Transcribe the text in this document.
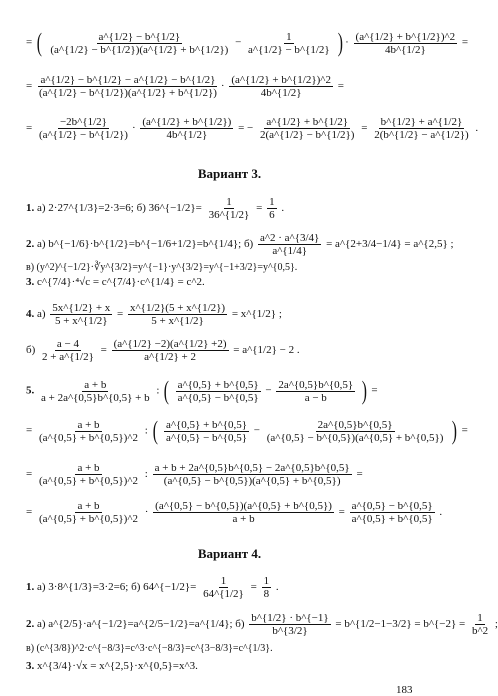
= ( $\frac{a\^{}\{1/2\} - b\^{}\{1/2\}}{(a\^{}\{1/2\} - b\^{}\{1/2\})(a\^{}\{1/2\} + b\^{}\{1/2\})} - \frac{1}{a\^{}\{1/2\} - b\^{}\{1/2\}}$ ) · $\frac{(a\^{}\{1/2\} + b\^{}\{1/2\})\^{}2}{4b\^{}\{1/2\}}$ =
= $\frac{a\^{}\{1/2\} - b\^{}\{1/2\} - a\^{}\{1/2\} - b\^{}\{1/2\}}{(a\^{}\{1/2\} - b\^{}\{1/2\})(a\^{}\{1/2\} + b\^{}\{1/2\})} \cdot \frac{(a\^{}\{1/2\} + b\^{}\{1/2\})\^{}2}{4b\^{}\{1/2\}}$ =
= $\frac{-2b\^{}\{1/2\}}{(a\^{}\{1/2\} - b\^{}\{1/2\})} \cdot \frac{(a\^{}\{1/2\} + b\^{}\{1/2\})}{4b\^{}\{1/2\}}$ = − $\frac{a\^{}\{1/2\} + b\^{}\{1/2\}}{2(a\^{}\{1/2\} - b\^{}\{1/2\})} = \frac{b\^{}\{1/2\} + a\^{}\{1/2\}}{2(b\^{}\{1/2\} - a\^{}\{1/2\})}$ .
Вариант 3.
1. а) 2·27^{1/3}=2·3=6; б) 36^{−1/2}= $\frac{1}{36\^{}\{1/2\}} = \frac{1}{6}$ .
2. а) b^{−1/6}·b^{1/2}=b^{−1/6+1/2}=b^{1/4}; $б) \frac{a\^{}2 \cdot a\^{}\{3/4\}}{a\^{}\{1/4\}}$ = a^{2+3/4−1/4} = a^{2,5} ;
в) (y^2)^{−1/2}·∛y^{3/2}=y^{−1}·y^{3/2}=y^{−1+3/2}=y^{0,5}.
3. c^{7/4}·⁴√c = c^{7/4}·c^{1/4} = c^2.
4. $а) \frac{5x\^{}\{1/2\} + x}{5 + x\^{}\{1/2\}} = \frac{x\^{}\{1/2\}(5 + x\^{}\{1/2\})}{5 + x\^{}\{1/2\}}$ = x^{1/2} ;
$б) \frac{a - 4}{2 + a\^{}\{1/2\}} = \frac{(a\^{}\{1/2\} -2)(a\^{}\{1/2\} +2)}{a\^{}\{1/2\} + 2}$ = a^{1/2} − 2 .
5. $\frac{a + b}{a + 2a\^{}\{0,5\}b\^{}\{0,5\} + b}$ : ( $\frac{a\^{}\{0,5\} + b\^{}\{0,5\}}{a\^{}\{0,5\} - b\^{}\{0,5\}} - \frac{2a\^{}\{0,5\}b\^{}\{0,5\}}{a - b}$ ) =
= $\frac{a + b}{(a\^{}\{0,5\} + b\^{}\{0,5\})\^{}2}$ : ( $\frac{a\^{}\{0,5\} + b\^{}\{0,5\}}{a\^{}\{0,5\} - b\^{}\{0,5\}} - \frac{2a\^{}\{0,5\}b\^{}\{0,5\}}{(a\^{}\{0,5\} - b\^{}\{0,5\})(a\^{}\{0,5\} + b\^{}\{0,5\})}$ ) =
= $\frac{a + b}{(a\^{}\{0,5\} + b\^{}\{0,5\})\^{}2}$ : $\frac{a + b + 2a\^{}\{0,5\}b\^{}\{0,5\} - 2a\^{}\{0,5\}b\^{}\{0,5\}}{(a\^{}\{0,5\} - b\^{}\{0,5\})(a\^{}\{0,5\} + b\^{}\{0,5\})}$ =
= $\frac{a + b}{(a\^{}\{0,5\} + b\^{}\{0,5\})\^{}2} \cdot \frac{(a\^{}\{0,5\} - b\^{}\{0,5\})(a\^{}\{0,5\} + b\^{}\{0,5\})}{a + b} = \frac{a\^{}\{0,5\} - b\^{}\{0,5\}}{a\^{}\{0,5\} + b\^{}\{0,5\}}$ .
Вариант 4.
1. а) 3·8^{1/3}=3·2=6; б) 64^{−1/2}= $\frac{1}{64\^{}\{1/2\}} = \frac{1}{8}$ .
2. а) a^{2/5}·a^{−1/2}=a^{2/5−1/2}=a^{1/4}; $б) \frac{b\^{}\{1/2\} \cdot b\^{}\{-1\}}{b\^{}\{3/2\}}$ = b^{1/2−1−3/2} = b^{−2} = $\frac{1}{b\^{}2}$ ;
в) (c^{3/8})^2·c^{−8/3}=c^3·c^{−8/3}=c^{3−8/3}=c^{1/3}.
3. x^{3/4}·√x = x^{2,5}·x^{0,5}=x^3.
183
